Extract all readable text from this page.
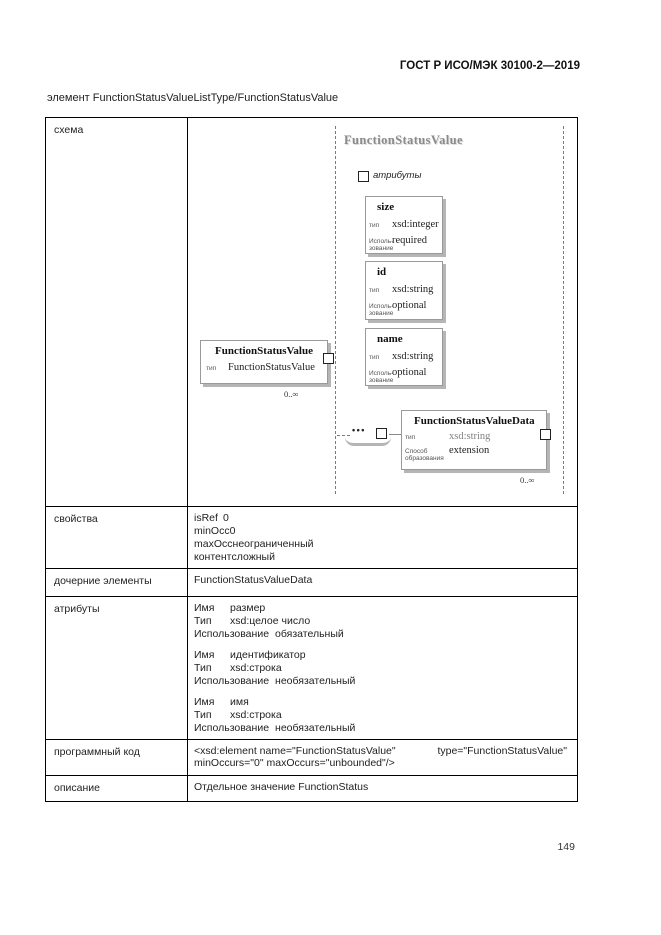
ГОСТ Р ИСО/МЭК 30100-2—2019
элемент FunctionStatusValueListType/FunctionStatusValue
схема
FunctionStatusValue
атрибуты
size
тип	xsd:integer
Исполь- зование
required
id
тип	xsd:string
Исполь- зование
optional
name
тип	xsd:string
Исполь- зование
optional
FunctionStatusValue
тип	FunctionStatusValue
0..∞
•••
FunctionStatusValueData
тип	xsd:string
Способ образования
extension
0..∞
свойства	isRef 0
minOcc0
maxOccнеограниченный
контентсложный
дочерние элементы	FunctionStatusValueData
атрибуты	Имя размер
Тип xsd:целое число
Использование обязательный
Имя идентификатор
Тип xsd:строка
Использование необязательный
Имя имя
Тип xsd:строка
Использование необязательный
программный код	<xsd:element name="FunctionStatusValue"	type="FunctionStatusValue"
minOccurs="0" maxOccurs="unbounded"/>
описание	Отдельное значение FunctionStatus
149
